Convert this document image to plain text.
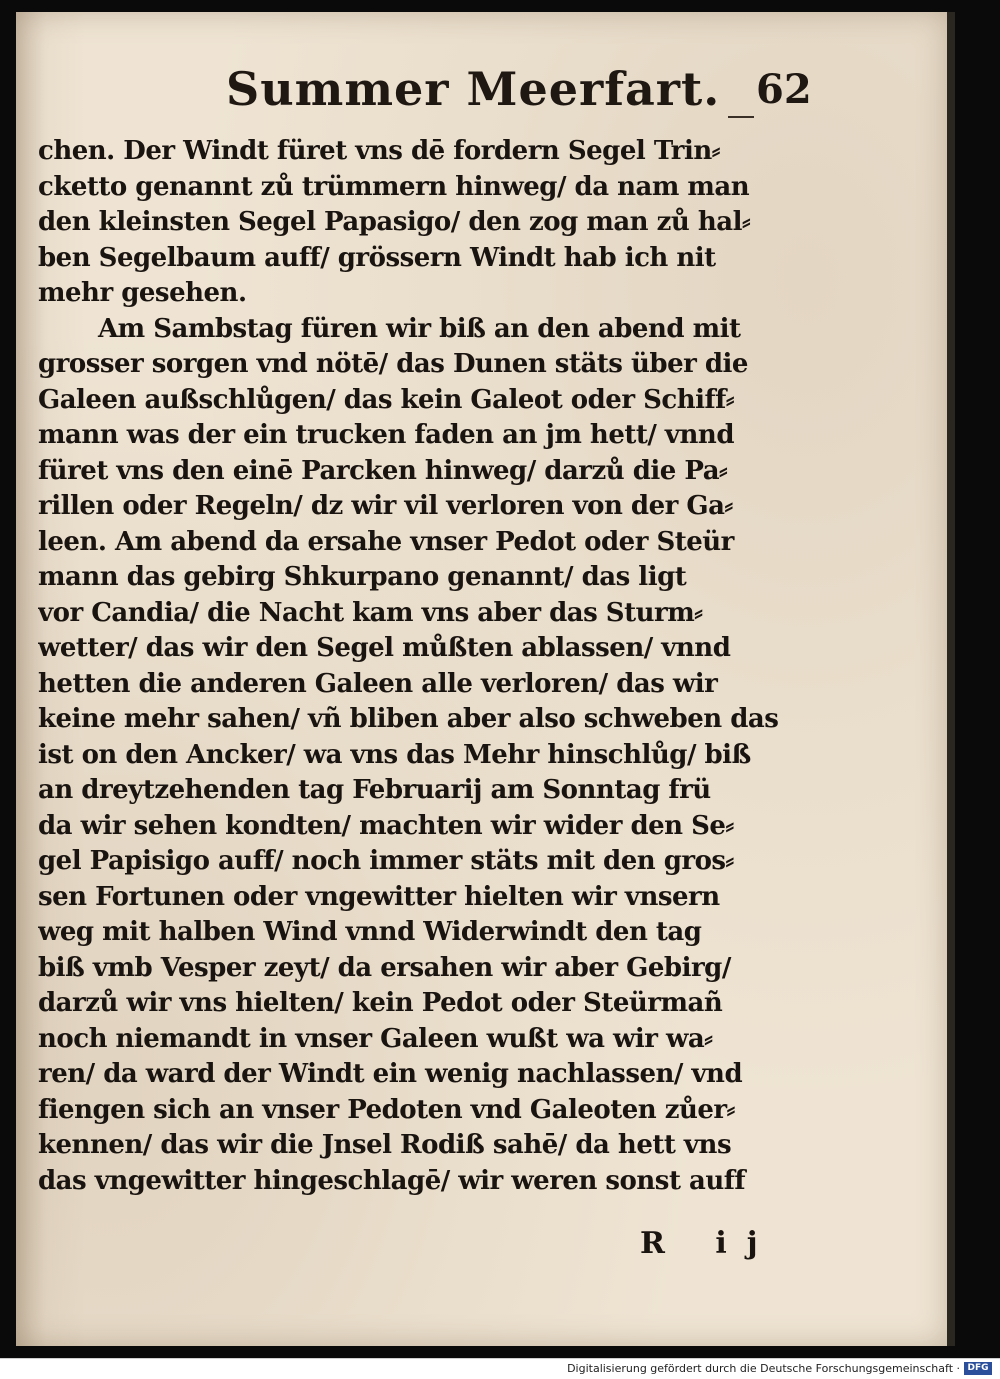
Summer Meerfart. 62
chen. Der Windt füret vns dē fordern Segel Trin⸗
cketto genannt zů trümmern hinweg/ da nam man
den kleinsten Segel Papasigo/ den zog man zů hal⸗
ben Segelbaum auff/ grössern Windt hab ich nit
mehr gesehen.
Am Sambstag füren wir biß an den abend mit
grosser sorgen vnd nötē/ das Dunen stäts über die
Galeen außschlůgen/ das kein Galeot oder Schiff⸗
mann was der ein trucken faden an jm hett/ vnnd
füret vns den einē Parcken hinweg/ darzů die Pa⸗
rillen oder Regeln/ dz wir vil verloren von der Ga⸗
leen. Am abend da ersahe vnser Pedot oder Steür
mann das gebirg Shkurpano genannt/ das ligt
vor Candia/ die Nacht kam vns aber das Sturm⸗
wetter/ das wir den Segel můßten ablassen/ vnnd
hetten die anderen Galeen alle verloren/ das wir
keine mehr sahen/ vñ bliben aber also schweben das
ist on den Ancker/ wa vns das Mehr hinschlůg/ biß
an dreytzehenden tag Februarij am Sonntag frü
da wir sehen kondten/ machten wir wider den Se⸗
gel Papisigo auff/ noch immer stäts mit den gros⸗
sen Fortunen oder vngewitter hielten wir vnsern
weg mit halben Wind vnnd Widerwindt den tag
biß vmb Vesper zeyt/ da ersahen wir aber Gebirg/
darzů wir vns hielten/ kein Pedot oder Steürmañ
noch niemandt in vnser Galeen wußt wa wir wa⸗
ren/ da ward der Windt ein wenig nachlassen/ vnd
fiengen sich an vnser Pedoten vnd Galeoten zůer⸗
kennen/ das wir die Jnsel Rodiß sahē/ da hett vns
das vngewitter hingeschlagē/ wir weren sonst auff
R ij
Digitalisierung gefördert durch die Deutsche Forschungsgemeinschaft · DFG
